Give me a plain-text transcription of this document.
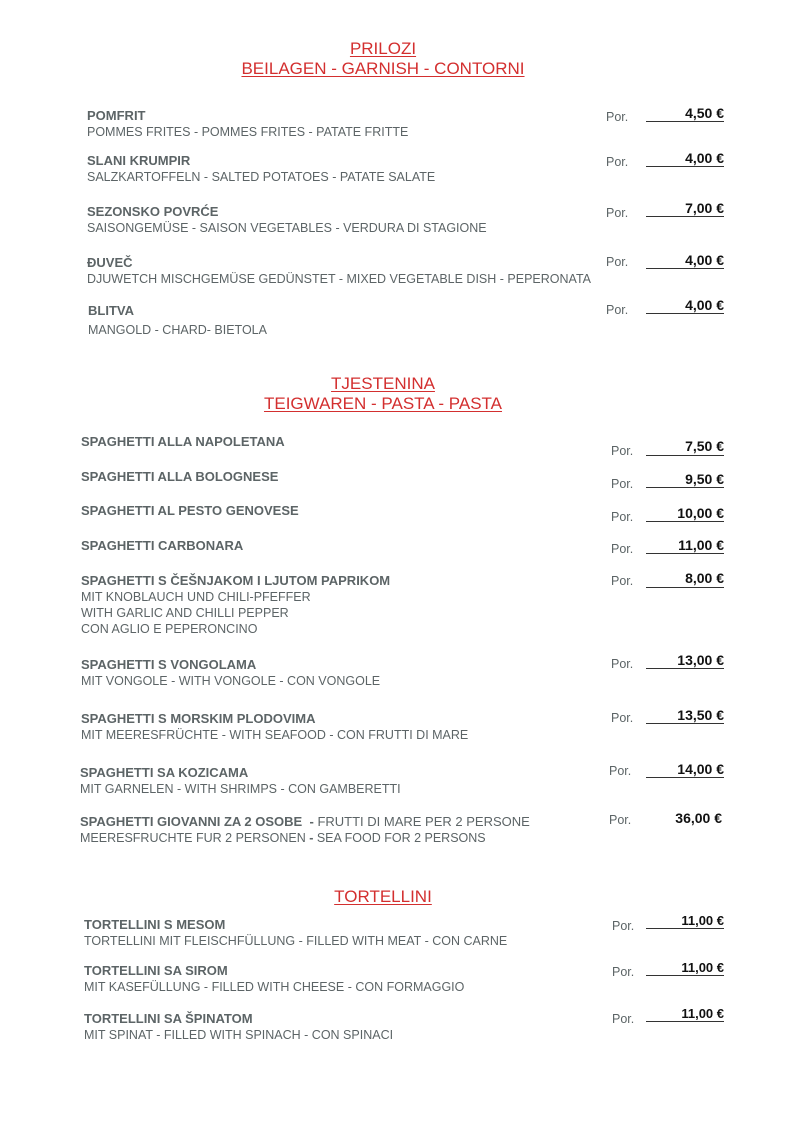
PRILOZI
BEILAGEN - GARNISH - CONTORNI
POMFRIT
POMMES FRITES - POMMES FRITES - PATATE FRITTE
Por.	4,50 €
SLANI KRUMPIR
SALZKARTOFFELN - SALTED POTATOES - PATATE SALATE
Por.	4,00 €
SEZONSKO POVRĆE
SAISONGEMÜSE - SAISON VEGETABLES - VERDURA DI STAGIONE
Por.	7,00 €
ĐUVEČ
DJUWETCH MISCHGEMÜSE GEDÜNSTET - MIXED VEGETABLE DISH - PEPERONATA
Por.	4,00 €
BLITVA
MANGOLD - CHARD- BIETOLA
Por.	4,00 €
TJESTENINA
TEIGWAREN - PASTA - PASTA
SPAGHETTI ALLA NAPOLETANA
Por.	7,50 €
SPAGHETTI ALLA BOLOGNESE	Por.	9,50 €
SPAGHETTI AL PESTO GENOVESE	Por.	10,00 €
SPAGHETTI CARBONARA	Por.	11,00 €
SPAGHETTI S ČEŠNJAKOM I LJUTOM PAPRIKOM
MIT KNOBLAUCH UND CHILI-PFEFFER
WITH GARLIC AND CHILLI PEPPER
CON AGLIO E PEPERONCINO
Por.	8,00 €
SPAGHETTI S VONGOLAMA
MIT VONGOLE - WITH VONGOLE - CON VONGOLE
Por.	13,00 €
SPAGHETTI S MORSKIM PLODOVIMA
MIT MEERESFRÜCHTE - WITH SEAFOOD - CON FRUTTI DI MARE
Por.	13,50 €
SPAGHETTI SA KOZICAMA
MIT GARNELEN - WITH SHRIMPS - CON GAMBERETTI
Por.	14,00 €
SPAGHETTI GIOVANNI ZA 2 OSOBE - FRUTTI DI MARE PER 2 PERSONE
MEERESFRUCHTE FUR 2 PERSONEN - SEA FOOD FOR 2 PERSONS
Por.	36,00 €
TORTELLINI
TORTELLINI S MESOM
TORTELLINI MIT FLEISCHFÜLLUNG - FILLED WITH MEAT - CON CARNE
Por.	11,00 €
TORTELLINI SA SIROM
MIT KASEFÜLLUNG - FILLED WITH CHEESE - CON FORMAGGIO
Por.	11,00 €
TORTELLINI SA ŠPINATOM
MIT SPINAT - FILLED WITH SPINACH - CON SPINACI
Por.	11,00 €
